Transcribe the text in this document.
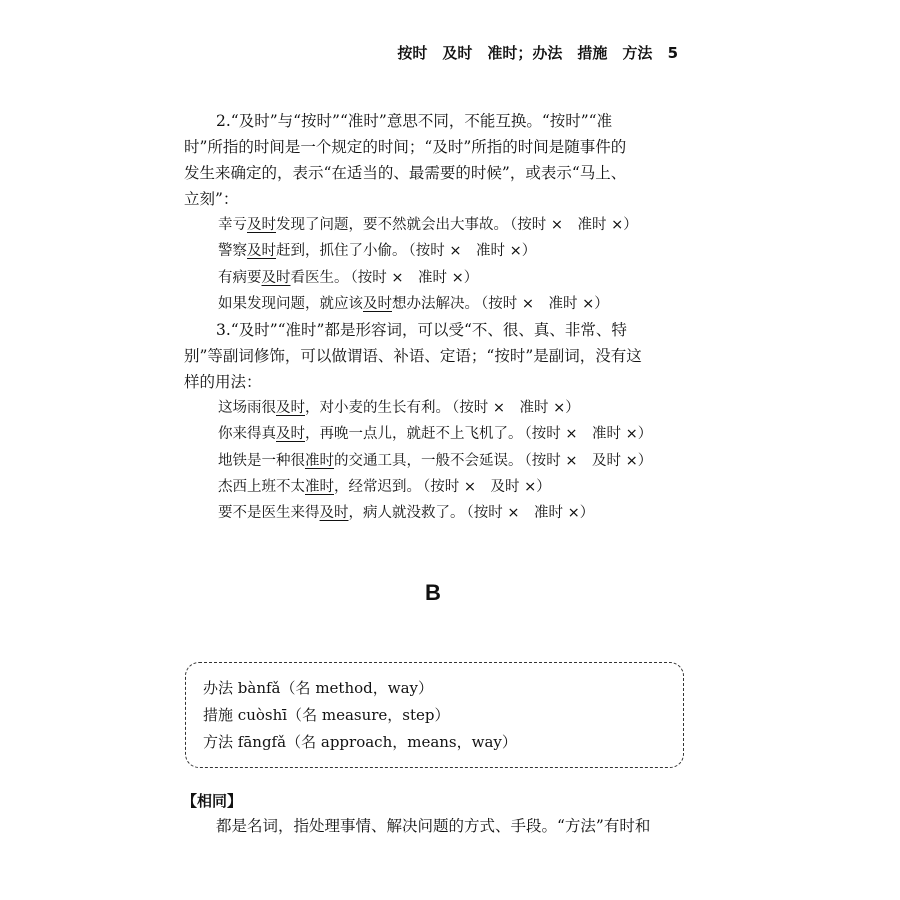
按时　及时　准时；办法　措施　方法 5

2.“及时”与“按时”“准时”意思不同，不能互换。“按时”“准

时”所指的时间是一个规定的时间；“及时”所指的时间是随事件的

发生来确定的，表示“在适当的、最需要的时候”，或表示“马上、

立刻”：

幸亏及时发现了问题，要不然就会出大事故。 （按时 ×　准时 ×）
警察及时赶到，抓住了小偷。 （按时 ×　准时 ×）
有病要及时看医生。 （按时 ×　准时 ×）
如果发现问题，就应该及时想办法解决。 （按时 ×　准时 ×）

3.“及时”“准时”都是形容词，可以受“不、很、真、非常、特

别”等副词修饰，可以做谓语、补语、定语；“按时”是副词，没有这

样的用法：

这场雨很及时，对小麦的生长有利。 （按时 ×　准时 ×）
你来得真及时，再晚一点儿，就赶不上飞机了。 （按时 ×　准时 ×）
地铁是一种很准时的交通工具，一般不会延误。 （按时 ×　及时 ×）
杰西上班不太准时，经常迟到。 （按时 ×　及时 ×）
要不是医生来得及时，病人就没救了。 （按时 ×　准时 ×）
B
办法 bànfǎ（名 method，way）
措施 cuòshī（名 measure，step）
方法 fāngfǎ（名 approach，means，way）
【相同】
都是名词，指处理事情、解决问题的方式、手段。“方法”有时和
